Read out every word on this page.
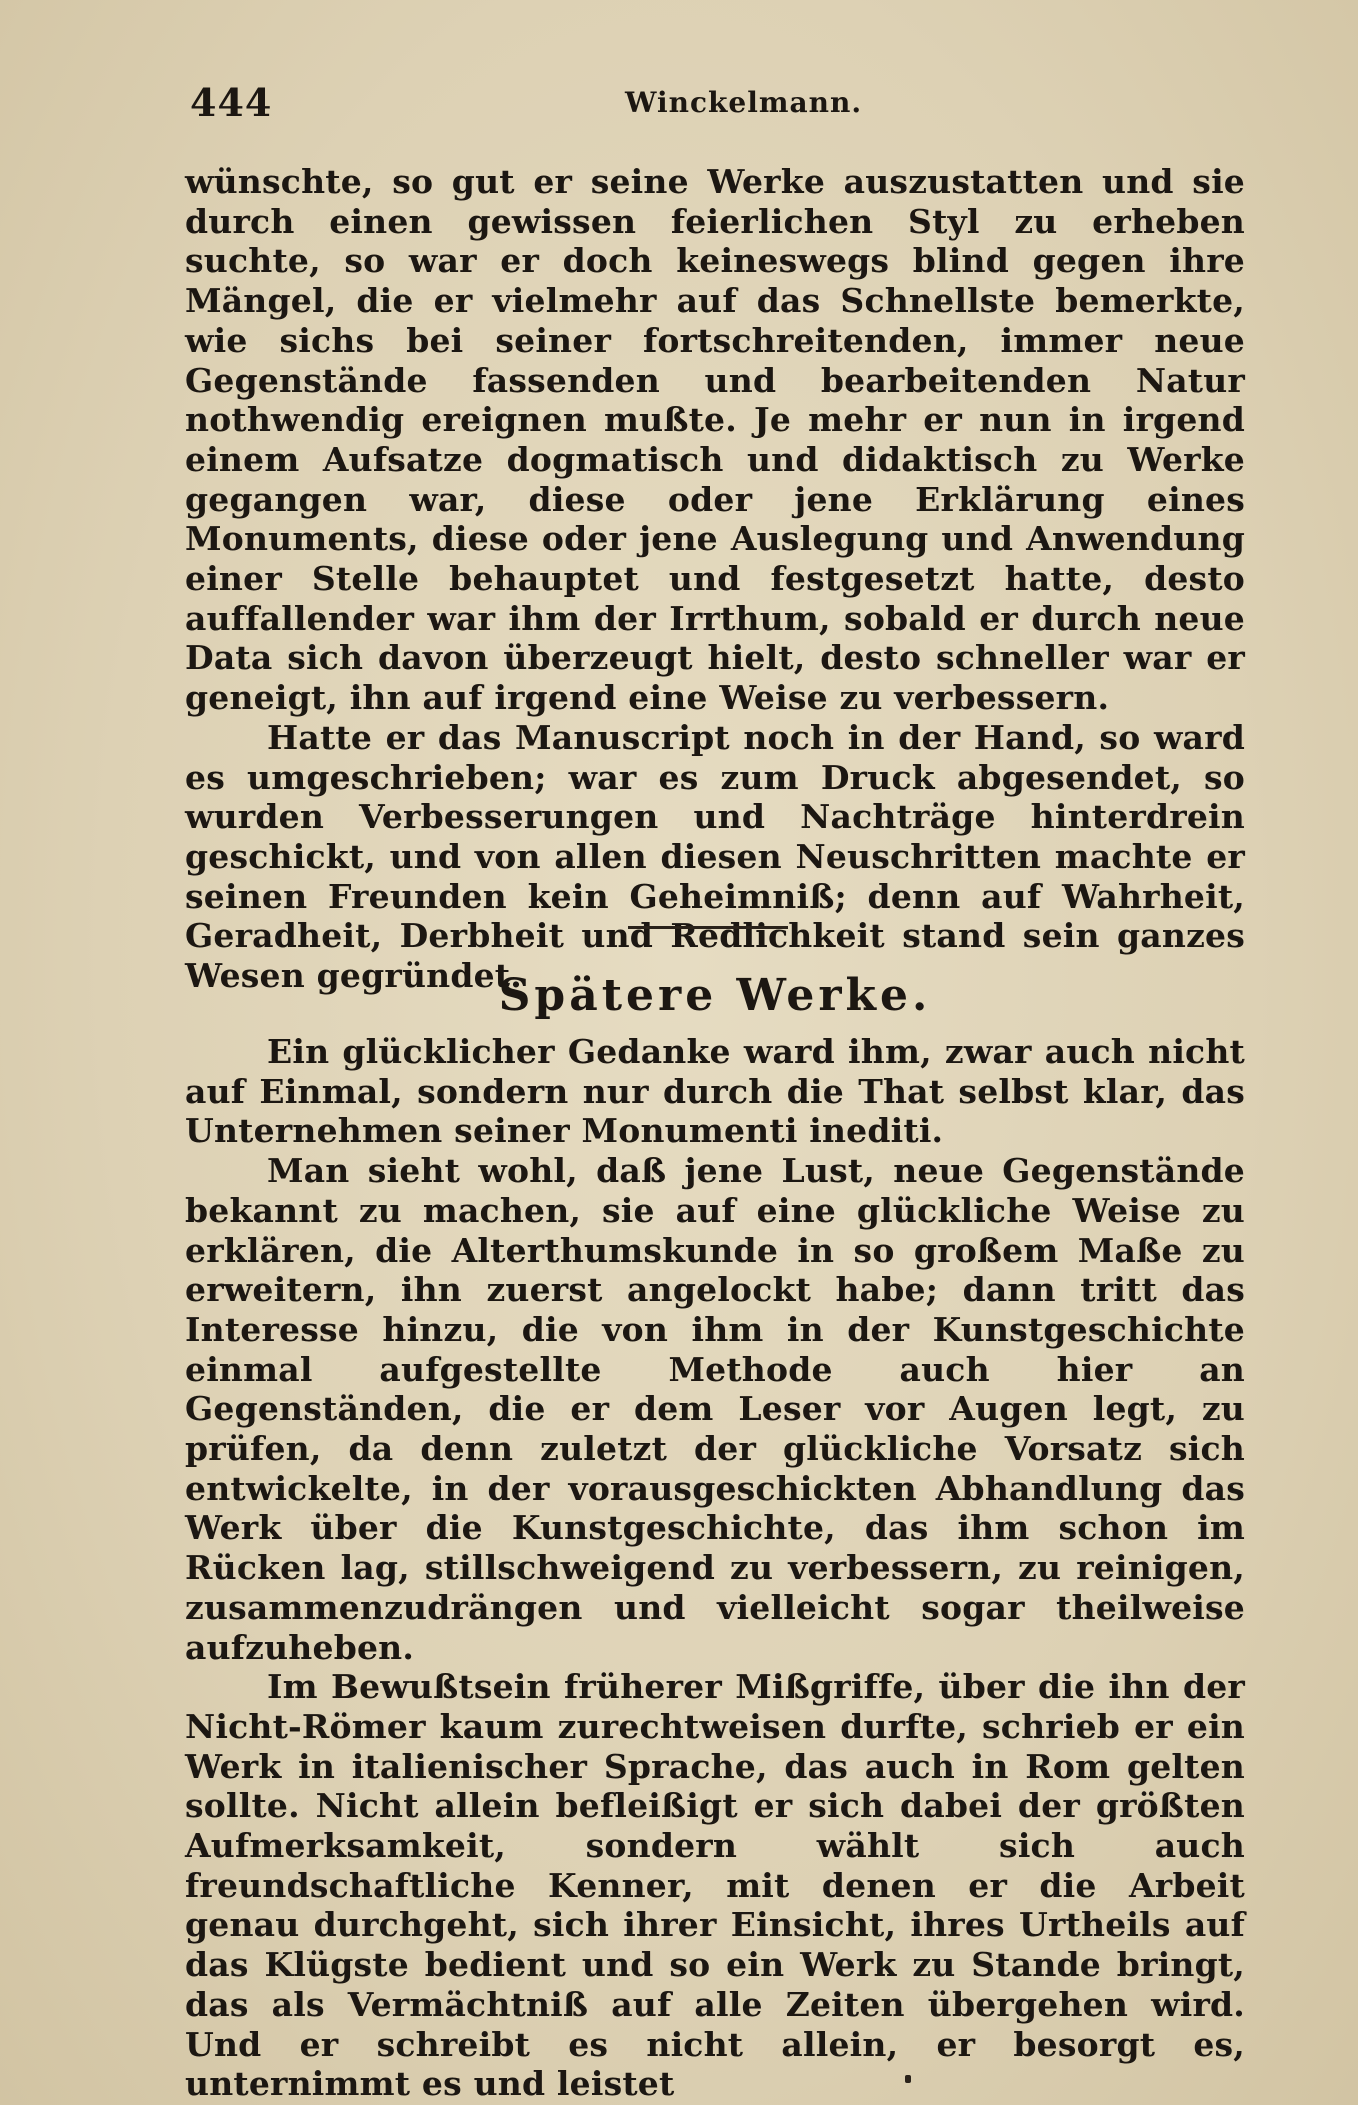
444	Winckelmann.

wünschte, so gut er seine Werke auszustatten und sie durch einen gewissen feierlichen Styl zu erheben suchte, so war er doch keineswegs blind gegen ihre Mängel, die er vielmehr auf das Schnellste bemerkte, wie sichs bei seiner fortschreitenden, immer neue Gegenstände fassenden und bearbeitenden Natur nothwendig ereignen mußte. Je mehr er nun in irgend einem Aufsatze dogmatisch und didaktisch zu Werke gegangen war, diese oder jene Erklärung eines Monuments, diese oder jene Auslegung und Anwendung einer Stelle behauptet und festgesetzt hatte, desto auffallender war ihm der Irrthum, sobald er durch neue Data sich davon überzeugt hielt, desto schneller war er geneigt, ihn auf irgend eine Weise zu verbessern.

Hatte er das Manuscript noch in der Hand, so ward es umgeschrieben; war es zum Druck abgesendet, so wurden Verbesserungen und Nachträge hinterdrein geschickt, und von allen diesen Neuschritten machte er seinen Freunden kein Geheimniß; denn auf Wahrheit, Geradheit, Derbheit und Redlichkeit stand sein ganzes Wesen gegründet.

Spätere Werke.

Ein glücklicher Gedanke ward ihm, zwar auch nicht auf Einmal, sondern nur durch die That selbst klar, das Unternehmen seiner Monumenti inediti.

Man sieht wohl, daß jene Lust, neue Gegenstände bekannt zu machen, sie auf eine glückliche Weise zu erklären, die Alterthumskunde in so großem Maße zu erweitern, ihn zuerst angelockt habe; dann tritt das Interesse hinzu, die von ihm in der Kunstgeschichte einmal aufgestellte Methode auch hier an Gegenständen, die er dem Leser vor Augen legt, zu prüfen, da denn zuletzt der glückliche Vorsatz sich entwickelte, in der vorausgeschickten Abhandlung das Werk über die Kunstgeschichte, das ihm schon im Rücken lag, stillschweigend zu verbessern, zu reinigen, zusammenzudrängen und vielleicht sogar theilweise aufzuheben.

Im Bewußtsein früherer Mißgriffe, über die ihn der Nicht-Römer kaum zurechtweisen durfte, schrieb er ein Werk in italienischer Sprache, das auch in Rom gelten sollte. Nicht allein befleißigt er sich dabei der größten Aufmerksamkeit, sondern wählt sich auch freundschaftliche Kenner, mit denen er die Arbeit genau durchgeht, sich ihrer Einsicht, ihres Urtheils auf das Klügste bedient und so ein Werk zu Stande bringt, das als Vermächtniß auf alle Zeiten übergehen wird. Und er schreibt es nicht allein, er besorgt es, unternimmt es und leistet
